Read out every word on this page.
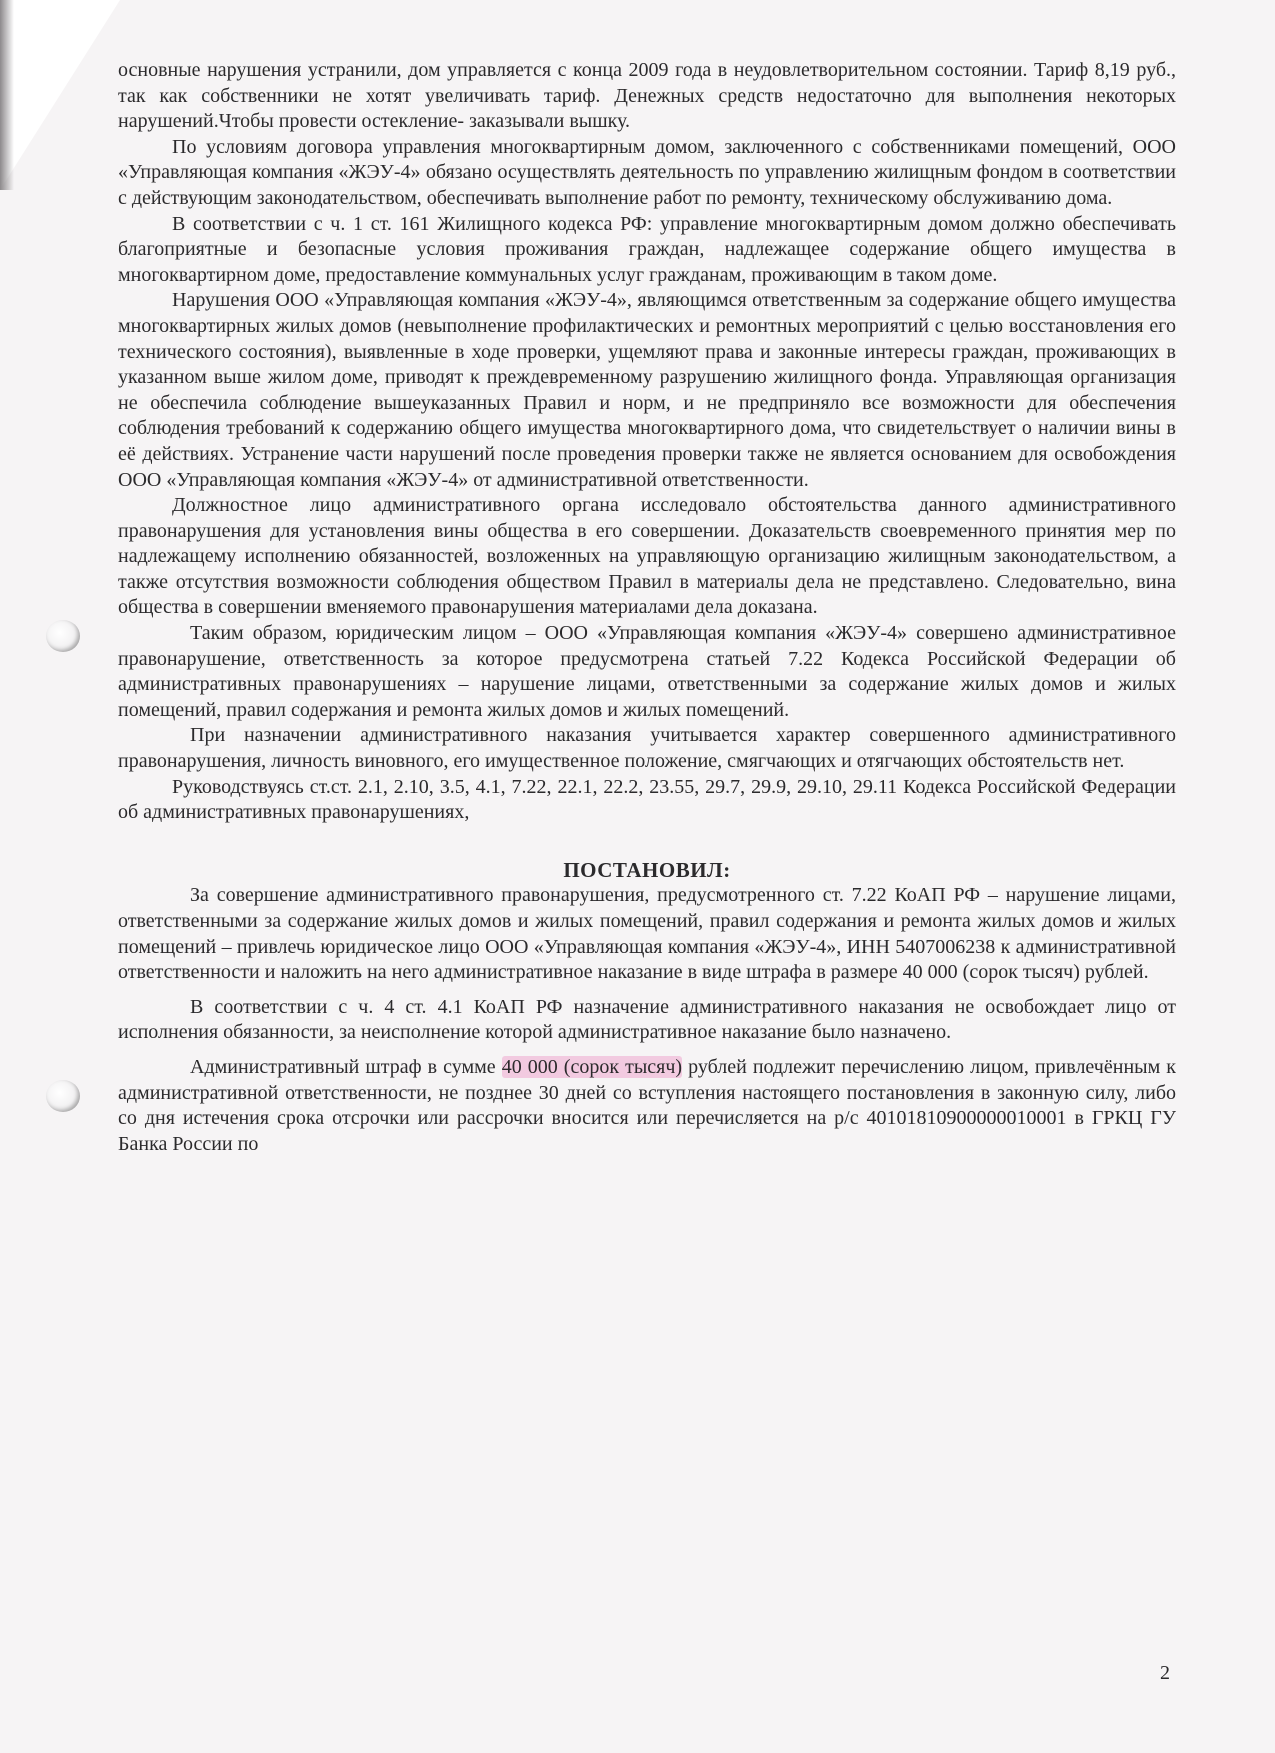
основные нарушения устранили, дом управляется с конца 2009 года в неудовлетворительном состоянии. Тариф 8,19 руб., так как собственники не хотят увеличивать тариф. Денежных средств недостаточно для выполнения некоторых нарушений.Чтобы провести остекление- заказывали вышку.

По условиям договора управления многоквартирным домом, заключенного с собственниками помещений, ООО «Управляющая компания «ЖЭУ-4» обязано осуществлять деятельность по управлению жилищным фондом в соответствии с действующим законодательством, обеспечивать выполнение работ по ремонту, техническому обслуживанию дома.

В соответствии с ч. 1 ст. 161 Жилищного кодекса РФ: управление многоквартирным домом должно обеспечивать благоприятные и безопасные условия проживания граждан, надлежащее содержание общего имущества в многоквартирном доме, предоставление коммунальных услуг гражданам, проживающим в таком доме.

Нарушения ООО «Управляющая компания «ЖЭУ-4», являющимся ответственным за содержание общего имущества многоквартирных жилых домов (невыполнение профилактических и ремонтных мероприятий с целью восстановления его технического состояния), выявленные в ходе проверки, ущемляют права и законные интересы граждан, проживающих в указанном выше жилом доме, приводят к преждевременному разрушению жилищного фонда. Управляющая организация не обеспечила соблюдение вышеуказанных Правил и норм, и не предприняло все возможности для обеспечения соблюдения требований к содержанию общего имущества многоквартирного дома, что свидетельствует о наличии вины в её действиях. Устранение части нарушений после проведения проверки также не является основанием для освобождения ООО «Управляющая компания «ЖЭУ-4» от административной ответственности.

Должностное лицо административного органа исследовало обстоятельства данного административного правонарушения для установления вины общества в его совершении. Доказательств своевременного принятия мер по надлежащему исполнению обязанностей, возложенных на управляющую организацию жилищным законодательством, а также отсутствия возможности соблюдения обществом Правил в материалы дела не представлено. Следовательно, вина общества в совершении вменяемого правонарушения материалами дела доказана.

Таким образом, юридическим лицом – ООО «Управляющая компания «ЖЭУ-4» совершено административное правонарушение, ответственность за которое предусмотрена статьей 7.22 Кодекса Российской Федерации об административных правонарушениях – нарушение лицами, ответственными за содержание жилых домов и жилых помещений, правил содержания и ремонта жилых домов и жилых помещений.

При назначении административного наказания учитывается характер совершенного административного правонарушения, личность виновного, его имущественное положение, смягчающих и отягчающих обстоятельств нет.

Руководствуясь ст.ст. 2.1, 2.10, 3.5, 4.1, 7.22, 22.1, 22.2, 23.55, 29.7, 29.9, 29.10, 29.11 Кодекса Российской Федерации об административных правонарушениях,

ПОСТАНОВИЛ:

За совершение административного правонарушения, предусмотренного ст. 7.22 КоАП РФ – нарушение лицами, ответственными за содержание жилых домов и жилых помещений, правил содержания и ремонта жилых домов и жилых помещений – привлечь юридическое лицо ООО «Управляющая компания «ЖЭУ-4», ИНН 5407006238 к административной ответственности и наложить на него административное наказание в виде штрафа в размере 40 000 (сорок тысяч) рублей.

В соответствии с ч. 4 ст. 4.1 КоАП РФ назначение административного наказания не освобождает лицо от исполнения обязанности, за неисполнение которой административное наказание было назначено.

Административный штраф в сумме 40 000 (сорок тысяч) рублей подлежит перечислению лицом, привлечённым к административной ответственности, не позднее 30 дней со вступления настоящего постановления в законную силу, либо со дня истечения срока отсрочки или рассрочки вносится или перечисляется на р/с 40101810900000010001 в ГРКЦ ГУ Банка России по

2
